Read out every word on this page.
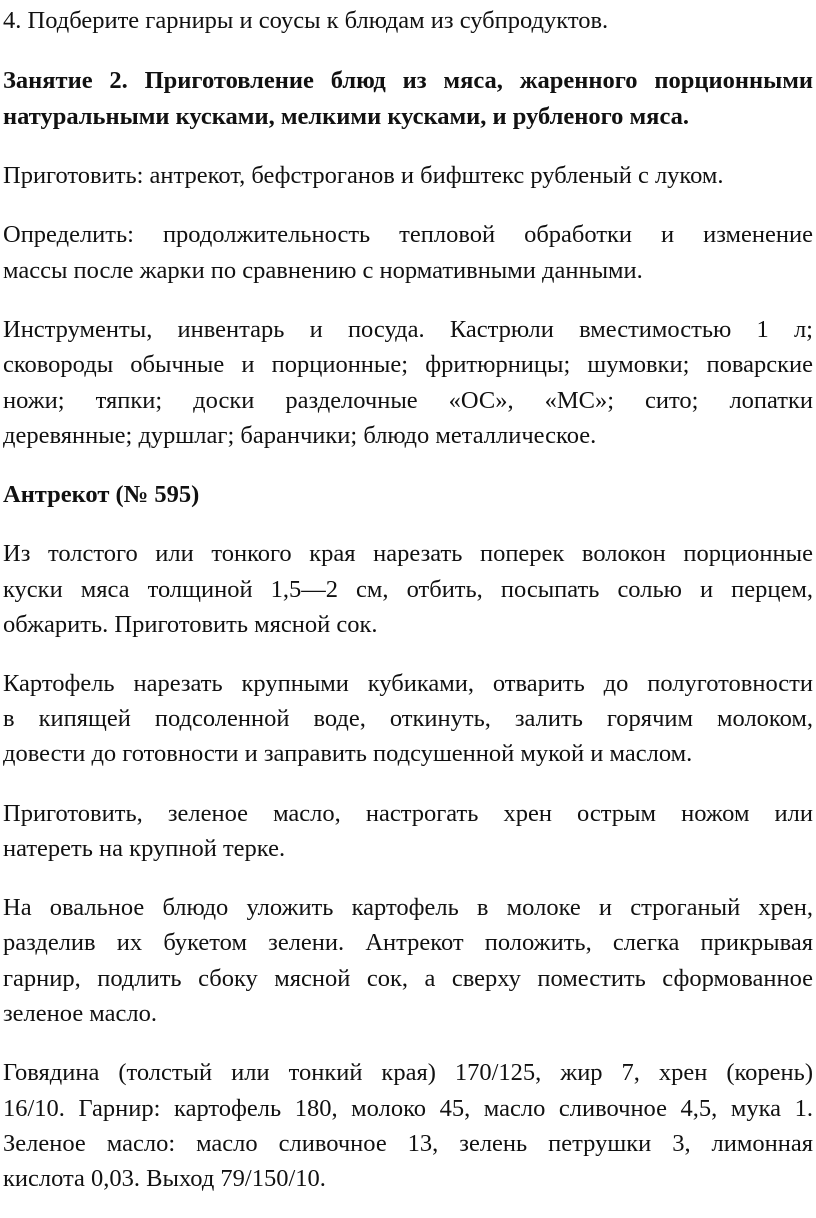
4. Подберите гарниры и соусы к блюдам из субпродуктов.
Занятие 2. Приготовление блюд из мяса, жаренного порционными
натуральными кусками, мелкими кусками, и рубленого мяса.
Приготовить: антрекот, бефстроганов и бифштекс рубленый с луком.
Определить: продолжительность тепловой обработки и изменение
массы после жарки по сравнению с нормативными данными.
Инструменты, инвентарь и посуда. Кастрюли вместимостью 1 л;
сковороды обычные и порционные; фритюрницы; шумовки; поварские
ножи; тяпки; доски разделочные «ОС», «МС»; сито; лопатки
деревянные; дуршлаг; баранчики; блюдо металлическое.
Антрекот (№ 595)
Из толстого или тонкого края нарезать поперек волокон порционные
куски мяса толщиной 1,5—2 см, отбить, посыпать солью и перцем,
обжарить. Приготовить мясной сок.
Картофель нарезать крупными кубиками, отварить до полуготовности
в кипящей подсоленной воде, откинуть, залить горячим молоком,
довести до готовности и заправить подсушенной мукой и маслом.
Приготовить, зеленое масло, настрогать хрен острым ножом или
натереть на крупной терке.
На овальное блюдо уложить картофель в молоке и строганый хрен,
разделив их букетом зелени. Антрекот положить, слегка прикрывая
гарнир, подлить сбоку мясной сок, а сверху поместить сформованное
зеленое масло.
Говядина (толстый или тонкий края) 170/125, жир 7, хрен (корень)
16/10. Гарнир: картофель 180, молоко 45, масло сливочное 4,5, мука 1.
Зеленое масло: масло сливочное 13, зелень петрушки 3, лимонная
кислота 0,03. Выход 79/150/10.
